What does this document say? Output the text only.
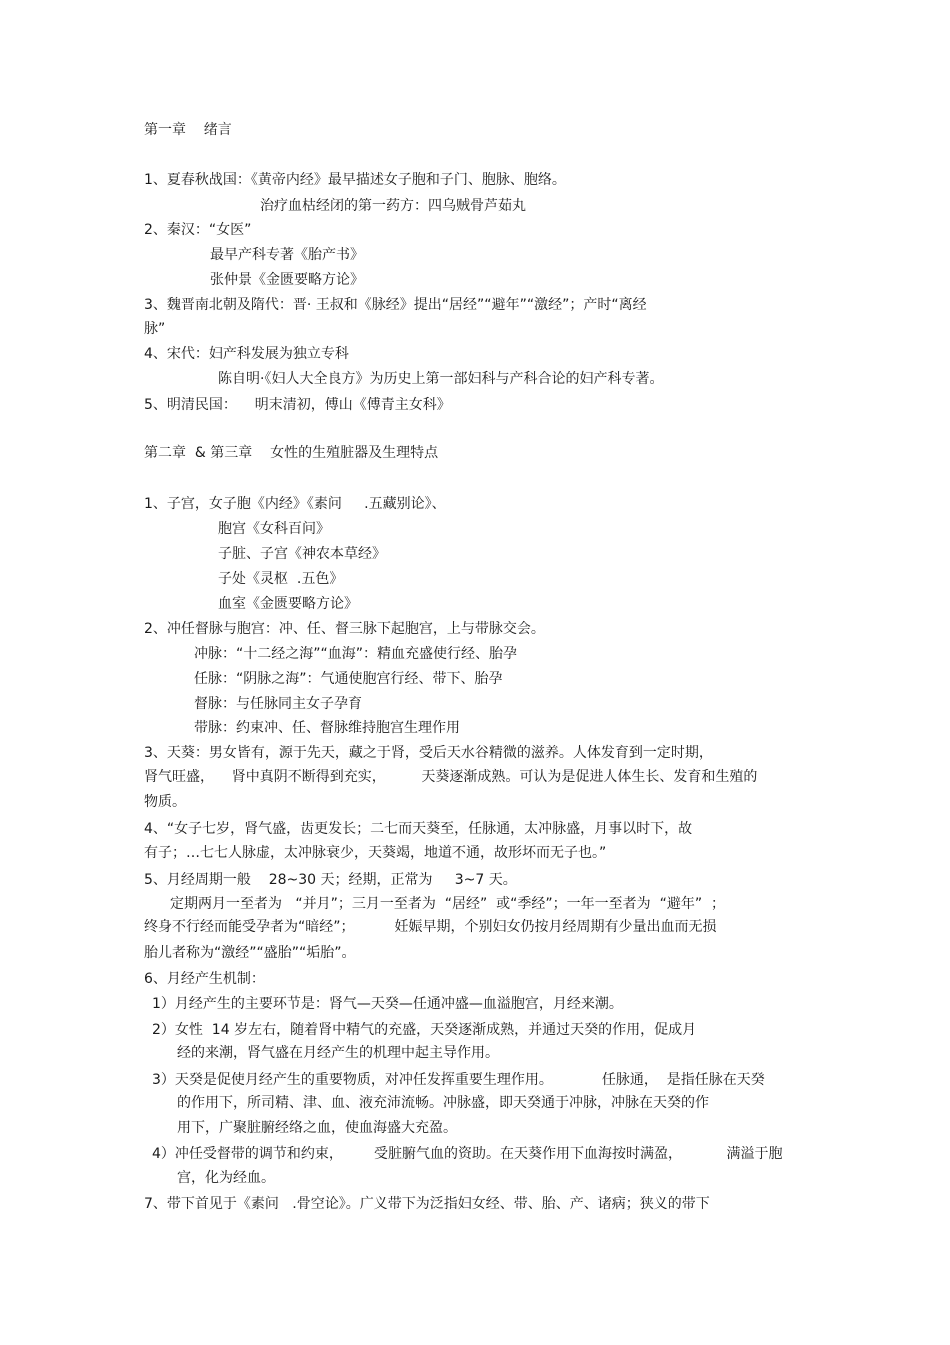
第一章    绪言

1、夏春秋战国：《黄帝内经》最早描述女子胞和子门、胞脉、胞络。

治疗血枯经闭的第一药方：四乌贼骨芦茹丸

2、秦汉：“女医”

最早产科专著《胎产书》

张仲景《金匮要略方论》

3、魏晋南北朝及隋代：晋· 王叔和《脉经》提出“居经”“避年”“激经”；产时“离经

脉”

4、宋代：妇产科发展为独立专科

陈自明·《妇人大全良方》为历史上第一部妇科与产科合论的妇产科专著。

5、明清民国：    明末清初，傅山《傅青主女科》

第二章  & 第三章    女性的生殖脏器及生理特点

1、子宫，女子胞《内经》《素问     .五藏别论》、

胞宫《女科百问》

子脏、子宫《神农本草经》

子处《灵枢  .五色》

血室《金匮要略方论》

2、冲任督脉与胞宫：冲、任、督三脉下起胞宫，上与带脉交会。

冲脉：“十二经之海”“血海”：精血充盛使行经、胎孕

任脉：“阴脉之海”：气通使胞宫行经、带下、胎孕

督脉：与任脉同主女子孕育

带脉：约束冲、任、督脉维持胞宫生理作用

3、天葵：男女皆有，源于先天，藏之于肾，受后天水谷精微的滋养。人体发育到一定时期，

肾气旺盛，    肾中真阴不断得到充实，        天葵逐渐成熟。可认为是促进人体生长、发育和生殖的

物质。

4、“女子七岁，肾气盛，齿更发长；二七而天葵至，任脉通，太冲脉盛，月事以时下，故

有子；…七七人脉虚，太冲脉衰少，天葵竭，地道不通，故形坏而无子也。”

5、月经周期一般    28~30 天；经期，正常为     3~7 天。

定期两月一至者为   “并月”；三月一至者为  “居经”  或“季经”；一年一至者为  “避年”  ；

终身不行经而能受孕者为“暗经”；         妊娠早期，个别妇女仍按月经周期有少量出血而无损

胎儿者称为“激经”“盛胎”“垢胎”。

6、月经产生机制：

1）月经产生的主要环节是：肾气—天癸—任通冲盛—血溢胞宫，月经来潮。

2）女性  14 岁左右，随着肾中精气的充盛，天癸逐渐成熟，并通过天癸的作用，促成月

经的来潮，肾气盛在月经产生的机理中起主导作用。

3）天癸是促使月经产生的重要物质，对冲任发挥重要生理作用。           任脉通，  是指任脉在天癸

的作用下，所司精、津、血、液充沛流畅。冲脉盛，即天癸通于冲脉，冲脉在天癸的作

用下，广聚脏腑经络之血，使血海盛大充盈。

4）冲任受督带的调节和约束，       受脏腑气血的资助。在天葵作用下血海按时满盈，          满溢于胞

宫，化为经血。

7、带下首见于《素问   .骨空论》。广义带下为泛指妇女经、带、胎、产、诸病；狭义的带下
